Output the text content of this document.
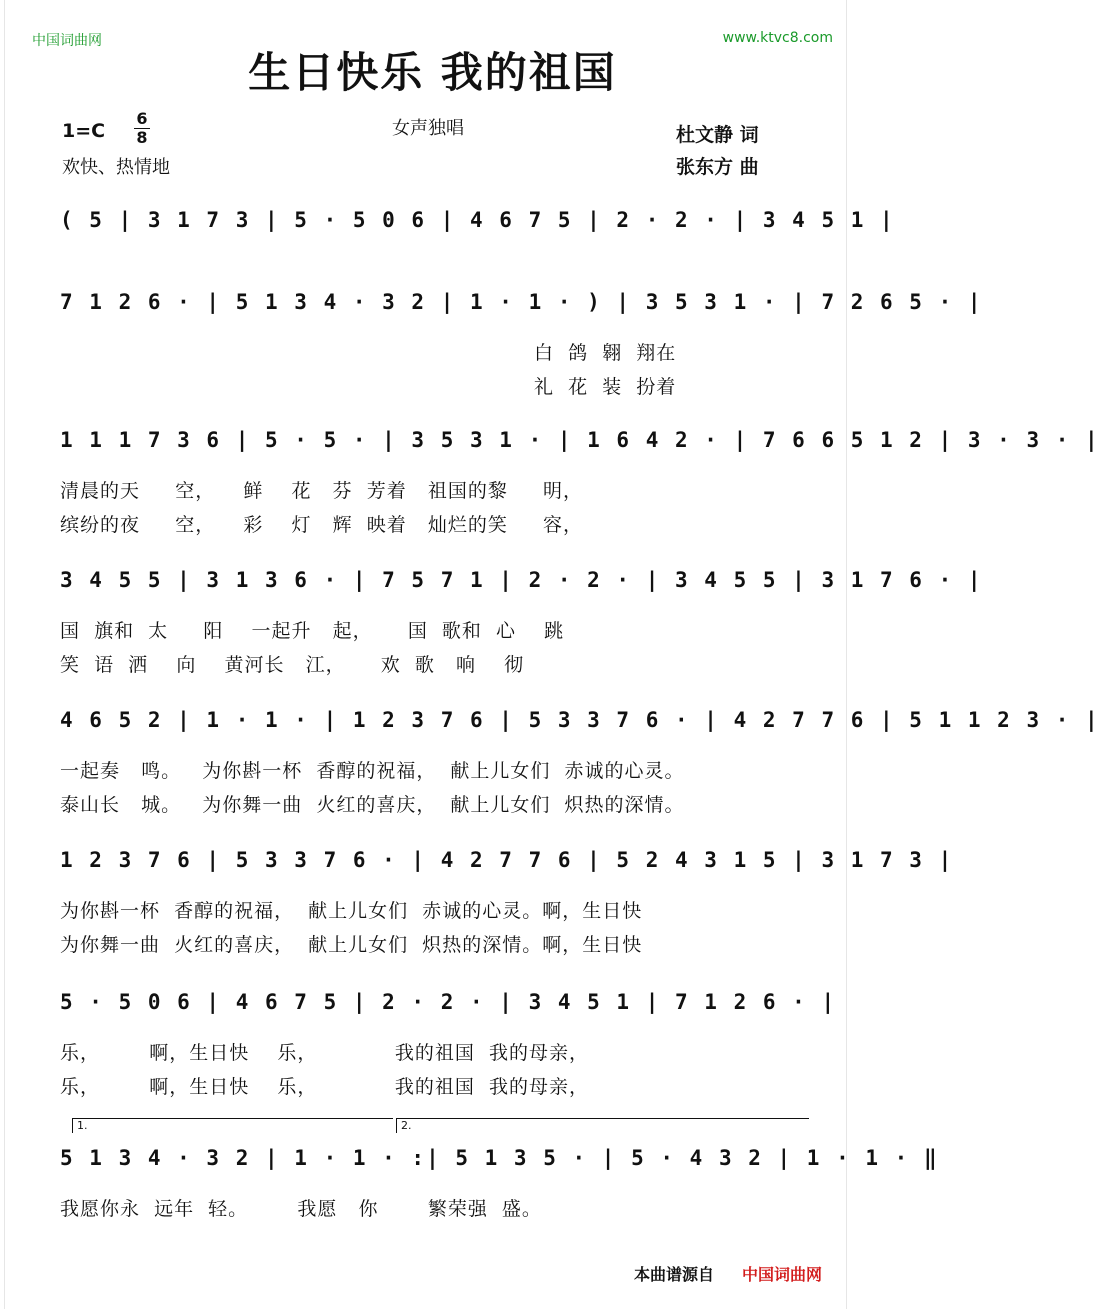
中国词曲网	www.ktvc8.com
生日快乐 我的祖国
1=C
6
8
欢快、热情地
女声独唱	杜文静 词
张东方 曲
( 5 | 3 1 7 3 | 5 · 5 0 6 | 4 6 7 5 | 2 · 2 · | 3 4 5 1 |
7 1 2 6 · | 5 1 3 4 · 3 2 | 1 · 1 · ) | 3 5 3 1 · | 7 2 6 5 · |
白  鸽  翱  翔在
礼  花  装  扮着
1 1 1 7 3 6 | 5 · 5 · | 3 5 3 1 · | 1 6 4 2 · | 7 6 6 5 1 2 | 3 · 3 · |
清晨的天     空，    鲜    花   芬  芳着   祖国的黎     明，
缤纷的夜     空，    彩    灯   辉  映着   灿烂的笑     容，
3 4 5 5 | 3 1 3 6 · | 7 5 7 1 | 2 · 2 · | 3 4 5 5 | 3 1 7 6 · |
国  旗和  太     阳    一起升   起，     国  歌和  心    跳
笑  语  洒    向    黄河长   江，     欢  歌   响    彻
4 6 5 2 | 1 · 1 · | 1 2 3 7 6 | 5 3 3 7 6 · | 4 2 7 7 6 | 5 1 1 2 3 · |
一起奏   鸣。   为你斟一杯  香醇的祝福，  献上儿女们  赤诚的心灵。
泰山长   城。   为你舞一曲  火红的喜庆，  献上儿女们  炽热的深情。
1 2 3 7 6 | 5 3 3 7 6 · | 4 2 7 7 6 | 5 2 4 3 1 5 | 3 1 7 3 |
为你斟一杯  香醇的祝福，  献上儿女们  赤诚的心灵。啊，生日快
为你舞一曲  火红的喜庆，  献上儿女们  炽热的深情。啊，生日快
5 · 5 0 6 | 4 6 7 5 | 2 · 2 · | 3 4 5 1 | 7 1 2 6 · |
乐，       啊，生日快    乐，           我的祖国  我的母亲，
乐，       啊，生日快    乐，           我的祖国  我的母亲，
1.	2.
5 1 3 4 · 3 2 | 1 · 1 · :| 5 1 3 5 · | 5 · 4 3 2 | 1 · 1 · ‖
我愿你永  远年  轻。       我愿   你       繁荣强  盛。
本曲谱源自 中国词曲网
